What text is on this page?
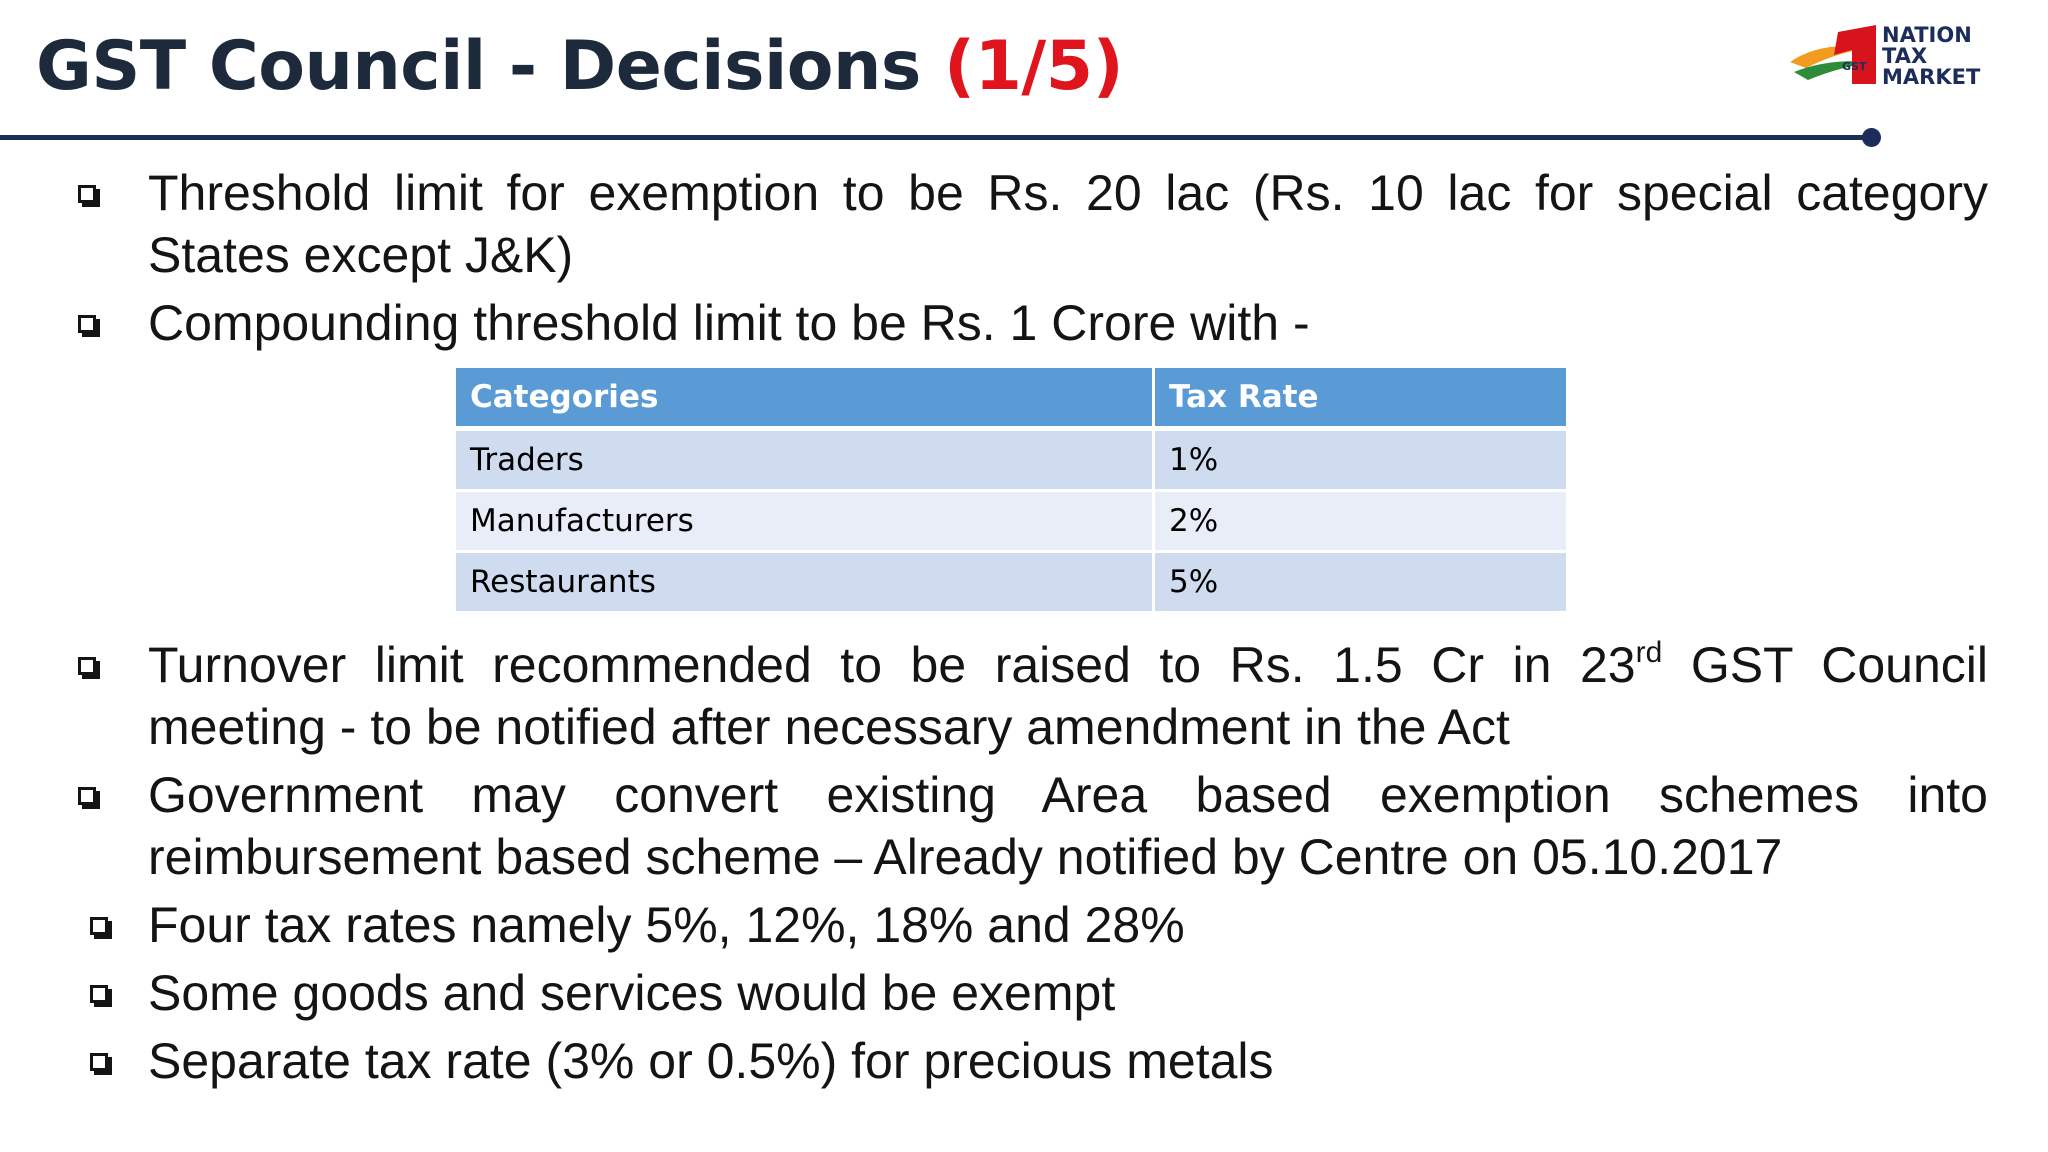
GST Council - Decisions (1/5)	GST
NATION
TAX
MARKET
Threshold limit for exemption to be Rs. 20 lac (Rs. 10 lac for special category States except J&K)
Compounding threshold limit to be Rs. 1 Crore with -
Categories	Tax Rate
Traders	1%
Manufacturers	2%
Restaurants	5%
Turnover limit recommended to be raised to Rs. 1.5 Cr in 23rd GST Council meeting - to be notified after necessary amendment in the Act
Government may convert existing Area based exemption schemes into reimbursement based scheme – Already notified by Centre on 05.10.2017
Four tax rates namely 5%, 12%, 18% and 28%
Some goods and services would be exempt
Separate tax rate (3% or 0.5%) for precious metals
